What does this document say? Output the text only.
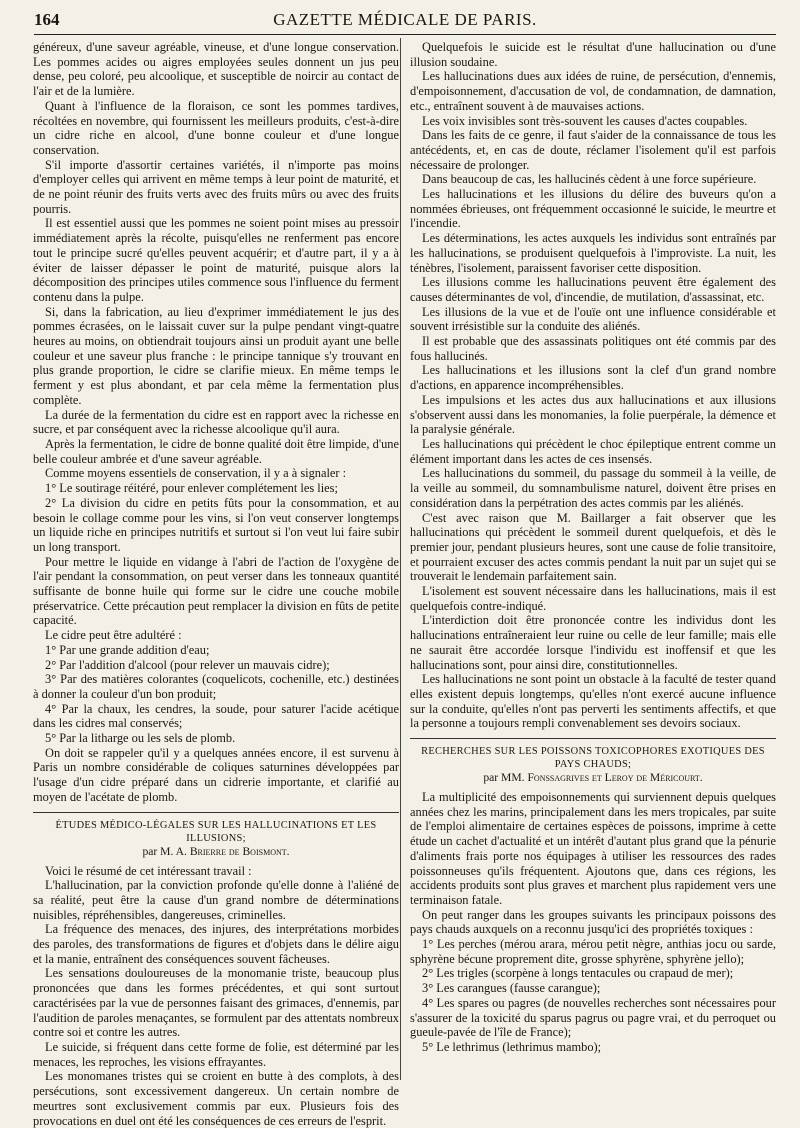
164	GAZETTE MÉDICALE DE PARIS.

généreux, d'une saveur agréable, vineuse, et d'une longue conservation. Les pommes acides ou aigres employées seules donnent un jus peu dense, peu coloré, peu alcoolique, et susceptible de noircir au contact de l'air et de la lumière.

Quant à l'influence de la floraison, ce sont les pommes tardives, récoltées en novembre, qui fournissent les meilleurs produits, c'est-à-dire un cidre riche en alcool, d'une bonne couleur et d'une longue conservation.

S'il importe d'assortir certaines variétés, il n'importe pas moins d'employer celles qui arrivent en même temps à leur point de maturité, et de ne point réunir des fruits verts avec des fruits mûrs ou avec des fruits pourris.

Il est essentiel aussi que les pommes ne soient point mises au pressoir immédiatement après la récolte, puisqu'elles ne renferment pas encore tout le principe sucré qu'elles peuvent acquérir; et d'autre part, il y a à éviter de laisser dépasser le point de maturité, puisque alors la décomposition des principes utiles commence sous l'influence du ferment contenu dans la pulpe.

Si, dans la fabrication, au lieu d'exprimer immédiatement le jus des pommes écrasées, on le laissait cuver sur la pulpe pendant vingt-quatre heures au moins, on obtiendrait toujours ainsi un produit ayant une belle couleur et une saveur plus franche : le principe tannique s'y trouvant en plus grande proportion, le cidre se clarifie mieux. En même temps le ferment y est plus abondant, et par cela même la fermentation plus complète.

La durée de la fermentation du cidre est en rapport avec la richesse en sucre, et par conséquent avec la richesse alcoolique qu'il aura.

Après la fermentation, le cidre de bonne qualité doit être limpide, d'une belle couleur ambrée et d'une saveur agréable.

Comme moyens essentiels de conservation, il y a à signaler :

1° Le soutirage réitéré, pour enlever complétement les lies;

2° La division du cidre en petits fûts pour la consommation, et au besoin le collage comme pour les vins, si l'on veut conserver longtemps un liquide riche en principes nutritifs et surtout si l'on veut lui faire subir un long transport.

Pour mettre le liquide en vidange à l'abri de l'action de l'oxygène de l'air pendant la consommation, on peut verser dans les tonneaux quantité suffisante de bonne huile qui forme sur le cidre une couche mobile préservatrice. Cette précaution peut remplacer la division en fûts de petite capacité.

Le cidre peut être adultéré :

1° Par une grande addition d'eau;

2° Par l'addition d'alcool (pour relever un mauvais cidre);

3° Par des matières colorantes (coquelicots, cochenille, etc.) destinées à donner la couleur d'un bon produit;

4° Par la chaux, les cendres, la soude, pour saturer l'acide acétique dans les cidres mal conservés;

5° Par la litharge ou les sels de plomb.

On doit se rappeler qu'il y a quelques années encore, il est survenu à Paris un nombre considérable de coliques saturnines développées par l'usage d'un cidre préparé dans un cidrerie importante, et clarifié au moyen de l'acétate de plomb.

ÉTUDES MÉDICO-LÉGALES SUR LES HALLUCINATIONS ET LES ILLUSIONS;
par M. A. Brierre de Boismont.

Voici le résumé de cet intéressant travail :

L'hallucination, par la conviction profonde qu'elle donne à l'aliéné de sa réalité, peut être la cause d'un grand nombre de déterminations nuisibles, répréhensibles, dangereuses, criminelles.

La fréquence des menaces, des injures, des interprétations morbides des paroles, des transformations de figures et d'objets dans le délire aigu et la manie, entraînent des conséquences souvent fâcheuses.

Les sensations douloureuses de la monomanie triste, beaucoup plus prononcées que dans les formes précédentes, et qui sont surtout caractérisées par la vue de personnes faisant des grimaces, d'ennemis, par l'audition de paroles menaçantes, se formulent par des attentats nombreux contre soi et contre les autres.

Le suicide, si fréquent dans cette forme de folie, est déterminé par les menaces, les reproches, les visions effrayantes.

Les monomanes tristes qui se croient en butte à des complots, à des persécutions, sont excessivement dangereux. Un certain nombre de meurtres sont exclusivement commis par eux. Plusieurs fois des provocations en duel ont été les conséquences de ces erreurs de l'esprit.

Quelquefois le suicide est le résultat d'une hallucination ou d'une illusion soudaine.

Les hallucinations dues aux idées de ruine, de persécution, d'ennemis, d'empoisonnement, d'accusation de vol, de condamnation, de damnation, etc., entraînent souvent à de mauvaises actions.

Les voix invisibles sont très-souvent les causes d'actes coupables.

Dans les faits de ce genre, il faut s'aider de la connaissance de tous les antécédents, et, en cas de doute, réclamer l'isolement qu'il est parfois nécessaire de prolonger.

Dans beaucoup de cas, les hallucinés cèdent à une force supérieure.

Les hallucinations et les illusions du délire des buveurs qu'on a nommées ébrieuses, ont fréquemment occasionné le suicide, le meurtre et l'incendie.

Les déterminations, les actes auxquels les individus sont entraînés par les hallucinations, se produisent quelquefois à l'improviste. La nuit, les ténèbres, l'isolement, paraissent favoriser cette disposition.

Les illusions comme les hallucinations peuvent être également des causes déterminantes de vol, d'incendie, de mutilation, d'assassinat, etc.

Les illusions de la vue et de l'ouïe ont une influence considérable et souvent irrésistible sur la conduite des aliénés.

Il est probable que des assassinats politiques ont été commis par des fous hallucinés.

Les hallucinations et les illusions sont la clef d'un grand nombre d'actions, en apparence incompréhensibles.

Les impulsions et les actes dus aux hallucinations et aux illusions s'observent aussi dans les monomanies, la folie puerpérale, la démence et la paralysie générale.

Les hallucinations qui précèdent le choc épileptique entrent comme un élément important dans les actes de ces insensés.

Les hallucinations du sommeil, du passage du sommeil à la veille, de la veille au sommeil, du somnambulisme naturel, doivent être prises en considération dans la perpétration des actes commis par les aliénés.

C'est avec raison que M. Baillarger a fait observer que les hallucinations qui précèdent le sommeil durent quelquefois, et dès le premier jour, pendant plusieurs heures, sont une cause de folie transitoire, et pourraient excuser des actes commis pendant la nuit par un sujet qui se trouverait le lendemain parfaitement sain.

L'isolement est souvent nécessaire dans les hallucinations, mais il est quelquefois contre-indiqué.

L'interdiction doit être prononcée contre les individus dont les hallucinations entraîneraient leur ruine ou celle de leur famille; mais elle ne saurait être accordée lorsque l'individu est inoffensif et que les hallucinations sont, pour ainsi dire, constitutionnelles.

Les hallucinations ne sont point un obstacle à la faculté de tester quand elles existent depuis longtemps, qu'elles n'ont exercé aucune influence sur la conduite, qu'elles n'ont pas perverti les sentiments affectifs, et que la personne a toujours rempli convenablement ses devoirs sociaux.

RECHERCHES SUR LES POISSONS TOXICOPHORES EXOTIQUES DES PAYS CHAUDS;
par MM. Fonssagrives et Leroy de Méricourt.

La multiplicité des empoisonnements qui surviennent depuis quelques années chez les marins, principalement dans les mers tropicales, par suite de l'emploi alimentaire de certaines espèces de poissons, imprime à cette étude un cachet d'actualité et un intérêt d'autant plus grand que la pénurie d'aliments frais porte nos équipages à utiliser les ressources des rades poissonneuses qu'ils fréquentent. Ajoutons que, dans ces régions, les accidents produits sont plus graves et marchent plus rapidement vers une terminaison fatale.

On peut ranger dans les groupes suivants les principaux poissons des pays chauds auxquels on a reconnu jusqu'ici des propriétés toxiques :

1° Les perches (mérou arara, mérou petit nègre, anthias jocu ou sarde, sphyrène bécune proprement dite, grosse sphyrène, sphyrène jello);

2° Les trigles (scorpène à longs tentacules ou crapaud de mer);

3° Les carangues (fausse carangue);

4° Les spares ou pagres (de nouvelles recherches sont nécessaires pour s'assurer de la toxicité du sparus pagrus ou pagre vrai, et du perroquet ou gueule-pavée de l'île de France);

5° Le lethrimus (lethrimus mambo);
